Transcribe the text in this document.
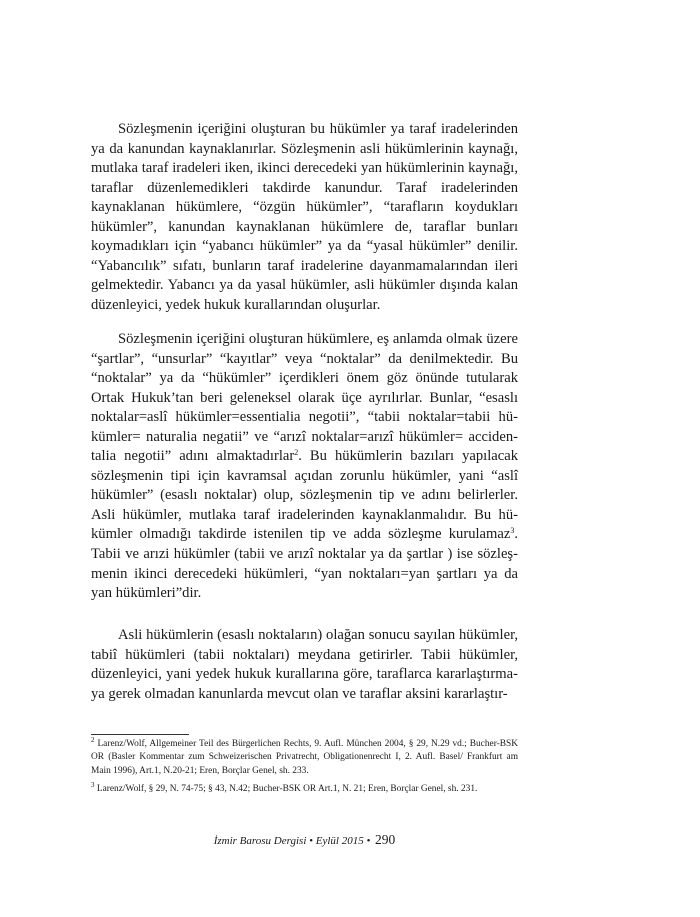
Sözleşmenin içeriğini oluşturan bu hükümler ya taraf iradelerinden ya da kanundan kaynaklanırlar. Sözleşmenin asli hükümlerinin kaynağı, mutlaka taraf iradeleri iken, ikinci derecedeki yan hükümlerinin kaynağı, taraflar düzenlemedikleri takdirde kanundur. Taraf iradelerinden kaynaklanan hükümlere, “özgün hükümler”, “tarafların koydukları hükümler”, kanundan kaynaklanan hükümlere de, taraflar bunları koymadıkları için “yabancı hükümler” ya da “yasal hükümler” denilir. “Yabancılık” sıfatı, bunların taraf iradelerine dayanmamalarından ileri gelmektedir. Yabancı ya da yasal hükümler, asli hükümler dışında kalan düzenleyici, yedek hukuk kurallarından oluşurlar.

Sözleşmenin içeriğini oluşturan hükümlere, eş anlamda olmak üzere “şartlar”, “unsurlar” “kayıtlar” veya “noktalar” da denilmektedir. Bu “noktalar” ya da “hükümler” içerdikleri önem göz önünde tutularak Ortak Hukuk’tan beri geleneksel olarak üçe ayrılırlar. Bunlar, “esaslı noktalar=aslî hükümler=essentialia negotii”, “tabii noktalar=tabii hükümler= naturalia negatii” ve “arızî noktalar=arızî hükümler= accidentalia negotii” adını almaktadırlar$^2$. Bu hükümlerin bazıları yapılacak sözleşmenin tipi için kavramsal açıdan zorunlu hükümler, yani “aslî hükümler” (esaslı noktalar) olup, sözleşmenin tip ve adını belirlerler. Asli hükümler, mutlaka taraf iradelerinden kaynaklanmalıdır. Bu hükümler olmadığı takdirde istenilen tip ve adda sözleşme kurulamaz$^3$. Tabii ve arızi hükümler (tabii ve arızî noktalar ya da şartlar ) ise sözleşmenin ikinci derecedeki hükümleri, “yan noktaları=yan şartları ya da yan hükümleri”dir.

Asli hükümlerin (esaslı noktaların) olağan sonucu sayılan hükümler, tabiî hükümleri (tabii noktaları) meydana getirirler. Tabii hükümler, düzenleyici, yani yedek hukuk kurallarına göre, taraflarca kararlaştırmaya gerek olmadan kanunlarda mevcut olan ve taraflar aksini kararlaştır-

$^2$ Larenz/Wolf, Allgemeiner Teil des Bürgerlichen Rechts, 9. Aufl. München 2004, § 29, N.29 vd.; Bucher-BSK OR (Basler Kommentar zum Schweizerischen Privatrecht, Obligationenrecht I, 2. Aufl. Basel/ Frankfurt am Main 1996), Art.1, N.20-21; Eren, Borçlar Genel, sh. 233.

$^3$ Larenz/Wolf, § 29, N. 74-75; § 43, N.42; Bucher-BSK OR Art.1, N. 21; Eren, Borçlar Genel, sh. 231.

İzmir Barosu Dergisi • Eylül 2015 • 290
